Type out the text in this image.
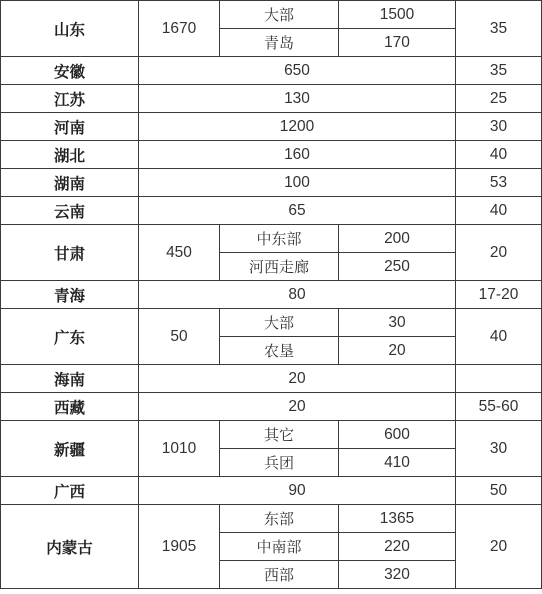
山东	1670	大部	1500	35
		青岛	170	
安徽	650			35
江苏	130			25
河南	1200			30
湖北	160			40
湖南	100			53
云南	65			40
甘肃	450	中东部	200	20
		河西走廊	250	
青海	80			17-20
广东	50	大部	30	40
		农垦	20	
海南	20			
西藏	20			55-60
新疆	1010	其它	600	30
		兵团	410	
广西	90			50
内蒙古	1905	东部	1365	20
		中南部	220	
		西部	320	
